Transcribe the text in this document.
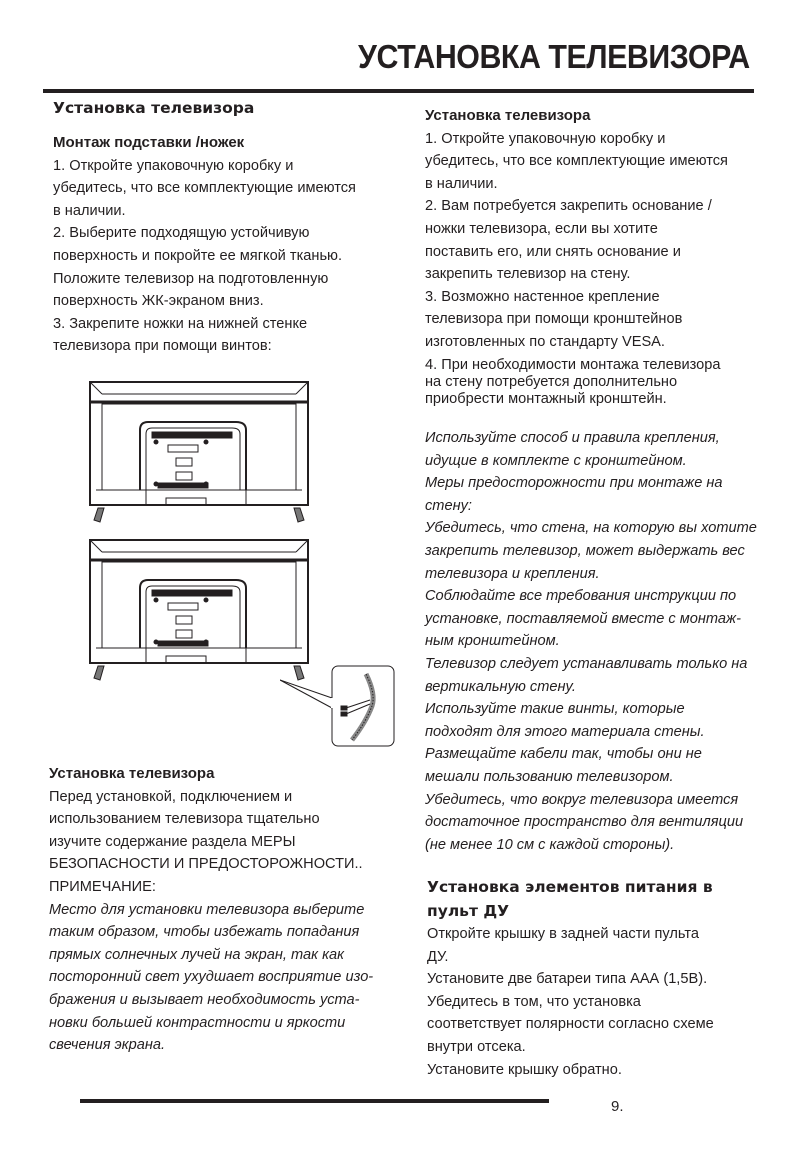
УСТАНОВКА ТЕЛЕВИЗОРА

Установка телевизора

Монтаж подставки /ножек

1. Откройте упаковочную коробку и

убедитесь, что все комплектующие имеются

в наличии.

2. Выберите подходящую устойчивую

поверхность и покройте ее мягкой тканью.

Положите телевизор на подготовленную

поверхность ЖК-экраном вниз.

3. Закрепите ножки на нижней стенке

телевизора при помощи винтов:

Установка телевизора

Перед установкой, подключением и

использованием телевизора тщательно

изучите содержание раздела МЕРЫ

БЕЗОПАСНОСТИ И ПРЕДОСТОРОЖНОСТИ..

ПРИМЕЧАНИЕ:

Место для установки телевизора выберите

таким образом, чтобы избежать попадания

прямых солнечных лучей на экран, так как

посторонний свет ухудшает восприятие изо-

бражения и вызывает необходимость уста-

новки большей контрастности и яркости

свечения экрана.

Установка телевизора

1. Откройте упаковочную коробку и

убедитесь, что все комплектующие имеются

в наличии.

2. Вам потребуется закрепить основание /

ножки телевизора, если вы хотите

поставить его, или снять основание и

закрепить телевизор на стену.

3. Возможно настенное крепление

телевизора при помощи кронштейнов

изготовленных по стандарту VESA.

4. При необходимости монтажа телевизора

на стену потребуется дополнительно

приобрести монтажный кронштейн.

Используйте способ и правила крепления,

идущие в комплекте с кронштейном.

Меры предосторожности при монтаже на

стену:

Убедитесь, что стена, на которую вы хотите

закрепить телевизор, может выдержать вес

телевизора и крепления.

Соблюдайте все требования инструкции по

установке, поставляемой вместе с монтаж-

ным кронштейном.

Телевизор следует устанавливать только на

вертикальную стену.

Используйте такие винты, которые

подходят для этого материала стены.

Размещайте кабели так, чтобы они не

мешали пользованию телевизором.

Убедитесь, что вокруг телевизора имеется

достаточное пространство для вентиляции

(не менее 10 см с каждой стороны).

Установка элементов питания в

пульт ДУ

Откройте крышку в задней части пульта

ДУ.

Установите две батареи типа ААА (1,5В).

Убедитесь в том, что установка

соответствует полярности согласно схеме

внутри отсека.

Установите крышку обратно.

9.
